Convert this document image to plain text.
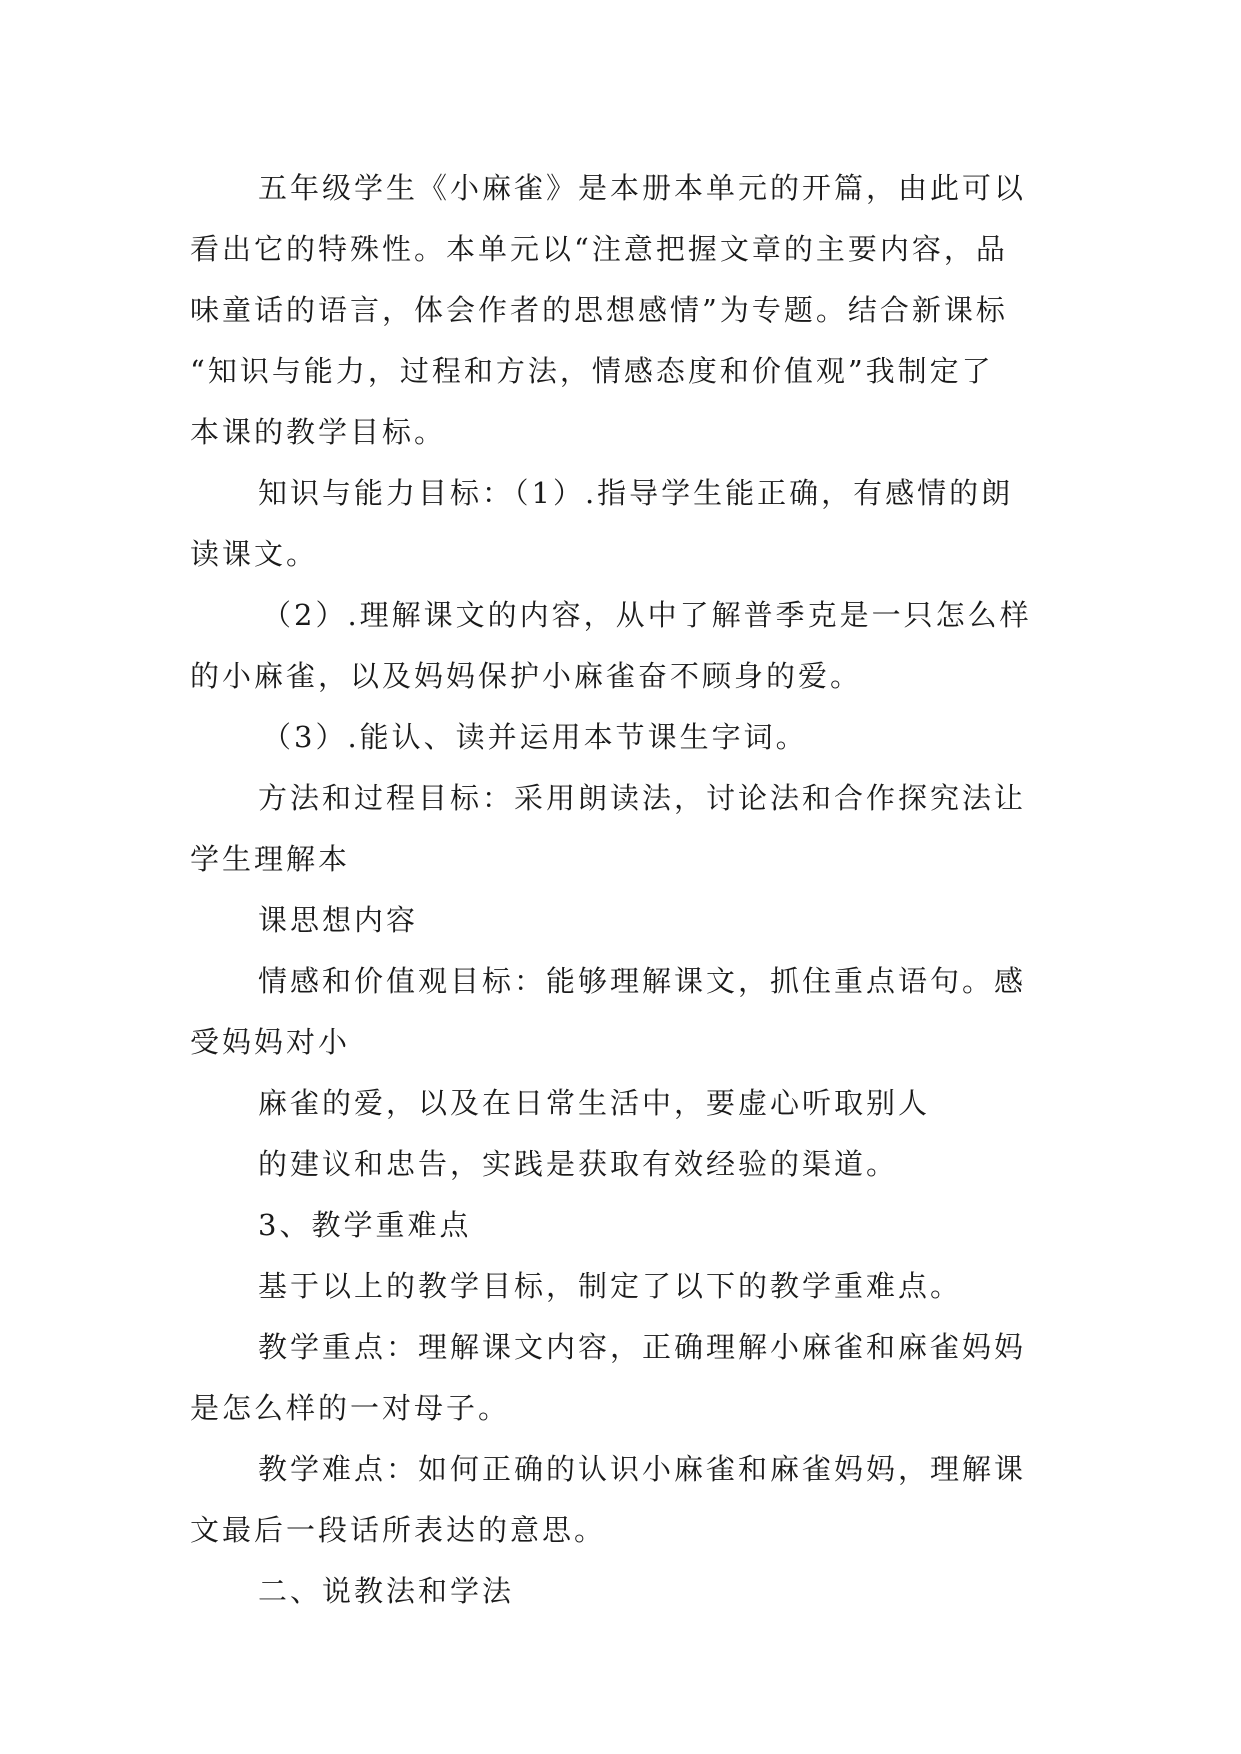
五年级学生《小麻雀》是本册本单元的开篇，由此可以
看出它的特殊性。本单元以“注意把握文章的主要内容，品
味童话的语言，体会作者的思想感情”为专题。结合新课标
“知识与能力，过程和方法，情感态度和价值观”我制定了
本课的教学目标。
知识与能力目标：（1）.指导学生能正确，有感情的朗
读课文。
（2）.理解课文的内容，从中了解普季克是一只怎么样
的小麻雀，以及妈妈保护小麻雀奋不顾身的爱。
（3）.能认、读并运用本节课生字词。
方法和过程目标：采用朗读法，讨论法和合作探究法让
学生理解本
课思想内容
情感和价值观目标：能够理解课文，抓住重点语句。感
受妈妈对小
麻雀的爱，以及在日常生活中，要虚心听取别人
的建议和忠告，实践是获取有效经验的渠道。
3、教学重难点
基于以上的教学目标，制定了以下的教学重难点。
教学重点：理解课文内容，正确理解小麻雀和麻雀妈妈
是怎么样的一对母子。
教学难点：如何正确的认识小麻雀和麻雀妈妈，理解课
文最后一段话所表达的意思。
二、说教法和学法
